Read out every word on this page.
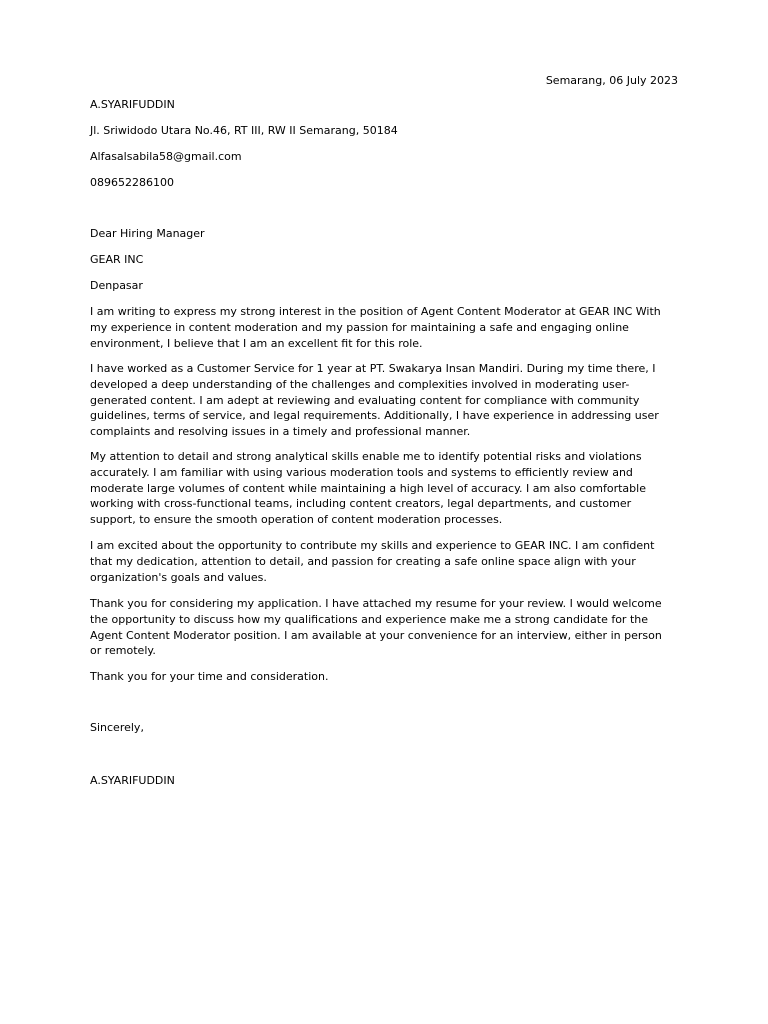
Semarang, 06 July 2023
A.SYARIFUDDIN
Jl. Sriwidodo Utara No.46, RT III, RW II Semarang, 50184
Alfasalsabila58@gmail.com
089652286100
Dear Hiring Manager
GEAR INC
Denpasar
I am writing to express my strong interest in the position of Agent Content Moderator at GEAR INC With
my experience in content moderation and my passion for maintaining a safe and engaging online
environment, I believe that I am an excellent fit for this role.
I have worked as a Customer Service for 1 year at PT. Swakarya Insan Mandiri. During my time there, I
developed a deep understanding of the challenges and complexities involved in moderating user-
generated content. I am adept at reviewing and evaluating content for compliance with community
guidelines, terms of service, and legal requirements. Additionally, I have experience in addressing user
complaints and resolving issues in a timely and professional manner.
My attention to detail and strong analytical skills enable me to identify potential risks and violations
accurately. I am familiar with using various moderation tools and systems to efficiently review and
moderate large volumes of content while maintaining a high level of accuracy. I am also comfortable
working with cross-functional teams, including content creators, legal departments, and customer
support, to ensure the smooth operation of content moderation processes.
I am excited about the opportunity to contribute my skills and experience to GEAR INC. I am confident
that my dedication, attention to detail, and passion for creating a safe online space align with your
organization's goals and values.
Thank you for considering my application. I have attached my resume for your review. I would welcome
the opportunity to discuss how my qualifications and experience make me a strong candidate for the
Agent Content Moderator position. I am available at your convenience for an interview, either in person
or remotely.
Thank you for your time and consideration.
Sincerely,
A.SYARIFUDDIN
